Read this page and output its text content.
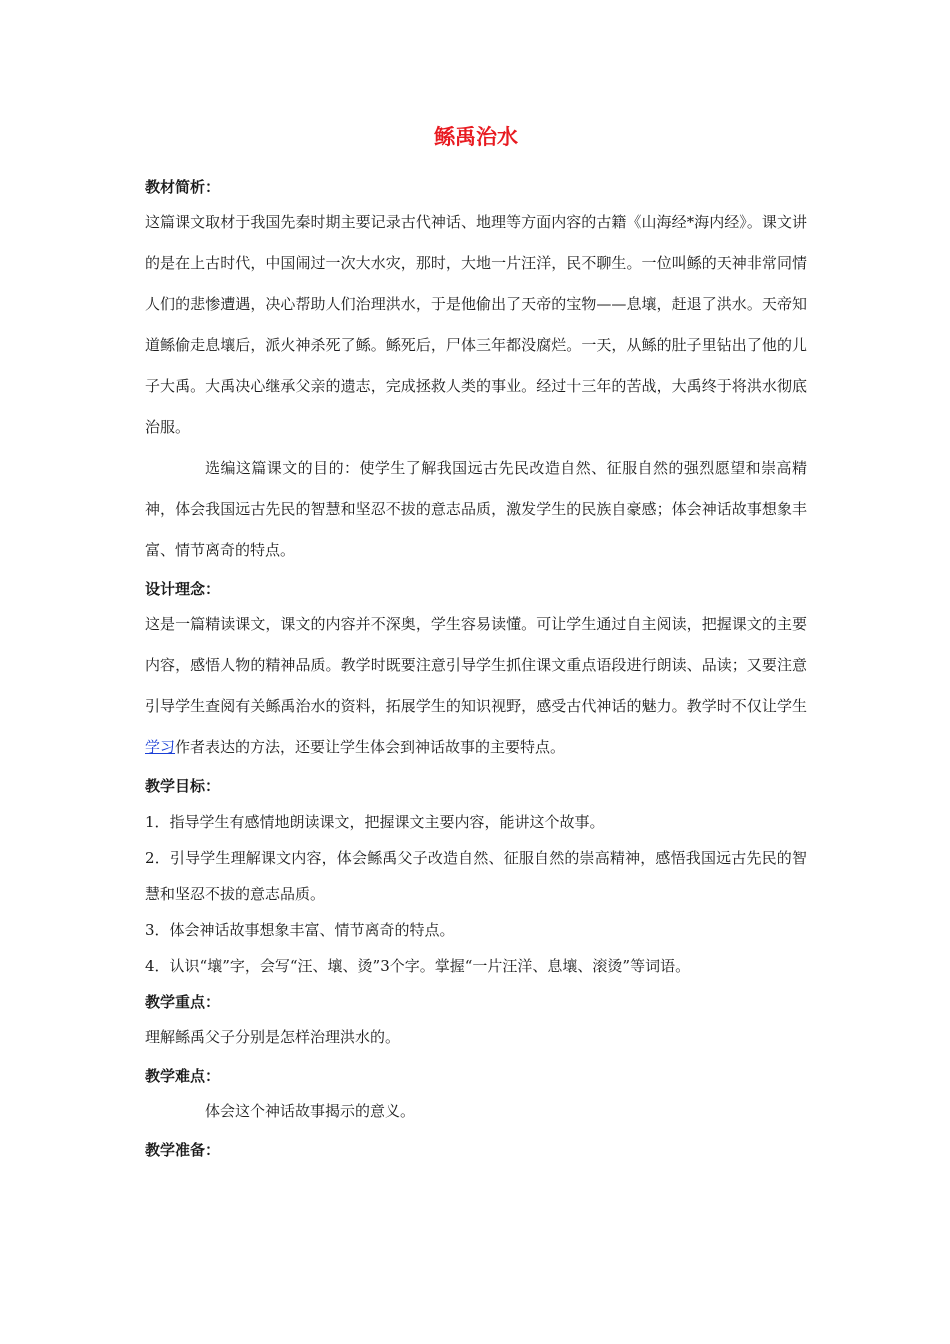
鲧禹治水
教材简析：

这篇课文取材于我国先秦时期主要记录古代神话、地理等方面内容的古籍《山海经*海内经》。课文讲的是在上古时代，中国闹过一次大水灾，那时，大地一片汪洋，民不聊生。一位叫鲧的天神非常同情人们的悲惨遭遇，决心帮助人们治理洪水，于是他偷出了天帝的宝物——息壤，赶退了洪水。天帝知道鲧偷走息壤后，派火神杀死了鲧。鲧死后，尸体三年都没腐烂。一天，从鲧的肚子里钻出了他的儿子大禹。大禹决心继承父亲的遗志，完成拯救人类的事业。经过十三年的苦战，大禹终于将洪水彻底治服。

选编这篇课文的目的：使学生了解我国远古先民改造自然、征服自然的强烈愿望和崇高精神，体会我国远古先民的智慧和坚忍不拔的意志品质，激发学生的民族自豪感；体会神话故事想象丰富、情节离奇的特点。

设计理念：

这是一篇精读课文，课文的内容并不深奥，学生容易读懂。可让学生通过自主阅读，把握课文的主要内容，感悟人物的精神品质。教学时既要注意引导学生抓住课文重点语段进行朗读、品读；又要注意引导学生查阅有关鲧禹治水的资料，拓展学生的知识视野，感受古代神话的魅力。教学时不仅让学生学习作者表达的方法，还要让学生体会到神话故事的主要特点。

教学目标：

1．指导学生有感情地朗读课文，把握课文主要内容，能讲这个故事。

2．引导学生理解课文内容，体会鲧禹父子改造自然、征服自然的崇高精神，感悟我国远古先民的智慧和坚忍不拔的意志品质。

3．体会神话故事想象丰富、情节离奇的特点。

4．认识“壤”字，会写“汪、壤、烫”3个字。掌握“一片汪洋、息壤、滚烫”等词语。

教学重点：

理解鲧禹父子分别是怎样治理洪水的。

教学难点：

体会这个神话故事揭示的意义。

教学准备：
